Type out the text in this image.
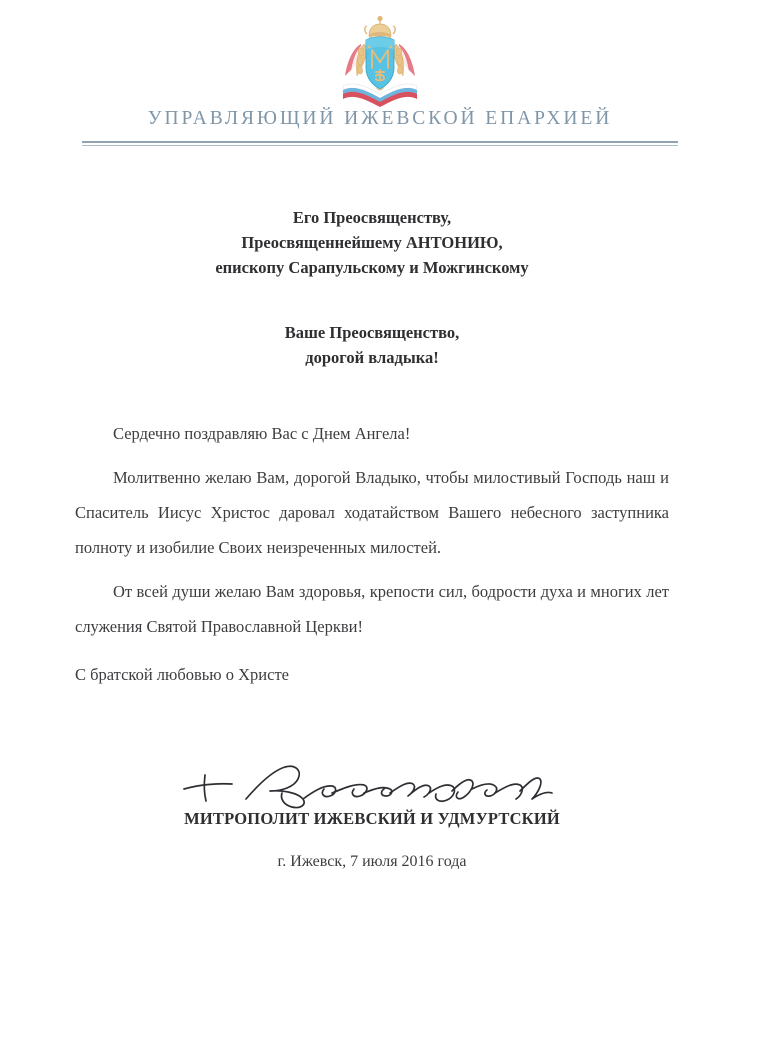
УПРАВЛЯЮЩИЙ ИЖЕВСКОЙ ЕПАРХИЕЙ
Его Преосвященству,
Преосвященнейшему АНТОНИЮ,
епископу Сарапульскому и Можгинскому
Ваше Преосвященство,
дорогой владыка!

Сердечно поздравляю Вас с Днем Ангела!

Молитвенно желаю Вам, дорогой Владыко, чтобы милостивый Господь наш и Спаситель Иисус Христос даровал ходатайством Вашего небесного заступника полноту и изобилие Своих неизреченных милостей.

От всей души желаю Вам здоровья, крепости сил, бодрости духа и многих лет служения Святой Православной Церкви!

С братской любовью о Христе
МИТРОПОЛИТ ИЖЕВСКИЙ И УДМУРТСКИЙ
г. Ижевск, 7 июля 2016 года
